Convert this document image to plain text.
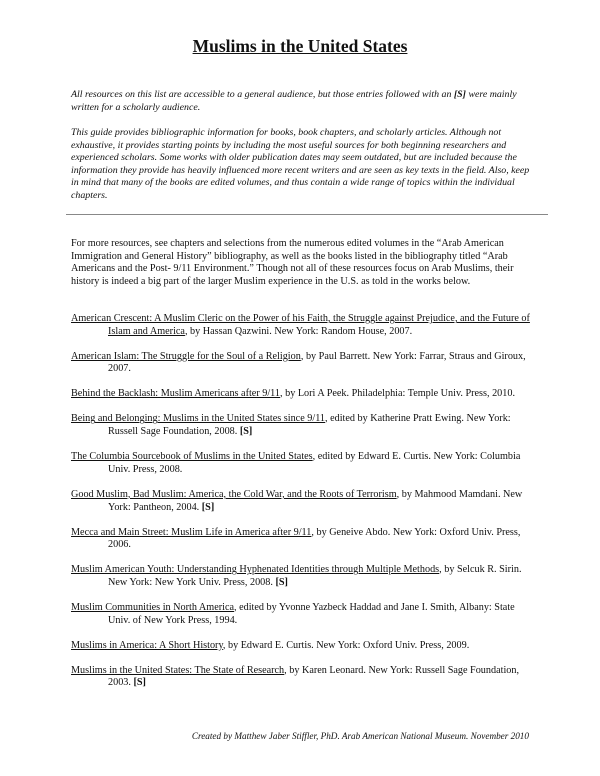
Muslims in the United States

All resources on this list are accessible to a general audience, but those entries followed with an [S] were mainly written for a scholarly audience.

This guide provides bibliographic information for books, book chapters, and scholarly articles. Although not exhaustive, it provides starting points by including the most useful sources for both beginning researchers and experienced scholars. Some works with older publication dates may seem outdated, but are included because the information they provide has heavily influenced more recent writers and are seen as key texts in the field. Also, keep in mind that many of the books are edited volumes, and thus contain a wide range of topics within the individual chapters.

For more resources, see chapters and selections from the numerous edited volumes in the “Arab American Immigration and General History” bibliography, as well as the books listed in the bibliography titled “Arab Americans and the Post- 9/11 Environment.” Though not all of these resources focus on Arab Muslims, their history is indeed a big part of the larger Muslim experience in the U.S. as told in the works below.

American Crescent: A Muslim Cleric on the Power of his Faith, the Struggle against Prejudice, and the Future of Islam and America, by Hassan Qazwini. New York: Random House, 2007.
American Islam: The Struggle for the Soul of a Religion, by Paul Barrett. New York: Farrar, Straus and Giroux, 2007.
Behind the Backlash: Muslim Americans after 9/11, by Lori A Peek. Philadelphia: Temple Univ. Press, 2010.
Being and Belonging: Muslims in the United States since 9/11, edited by Katherine Pratt Ewing. New York: Russell Sage Foundation, 2008. [S]
The Columbia Sourcebook of Muslims in the United States, edited by Edward E. Curtis. New York: Columbia Univ. Press, 2008.
Good Muslim, Bad Muslim: America, the Cold War, and the Roots of Terrorism, by Mahmood Mamdani. New York: Pantheon, 2004. [S]
Mecca and Main Street: Muslim Life in America after 9/11, by Geneive Abdo. New York: Oxford Univ. Press, 2006.
Muslim American Youth: Understanding Hyphenated Identities through Multiple Methods, by Selcuk R. Sirin. New York: New York Univ. Press, 2008. [S]
Muslim Communities in North America, edited by Yvonne Yazbeck Haddad and Jane I. Smith, Albany: State Univ. of New York Press, 1994.
Muslims in America: A Short History, by Edward E. Curtis. New York: Oxford Univ. Press, 2009.
Muslims in the United States: The State of Research, by Karen Leonard. New York: Russell Sage Foundation, 2003. [S]

Created by Matthew Jaber Stiffler, PhD. Arab American National Museum. November 2010
